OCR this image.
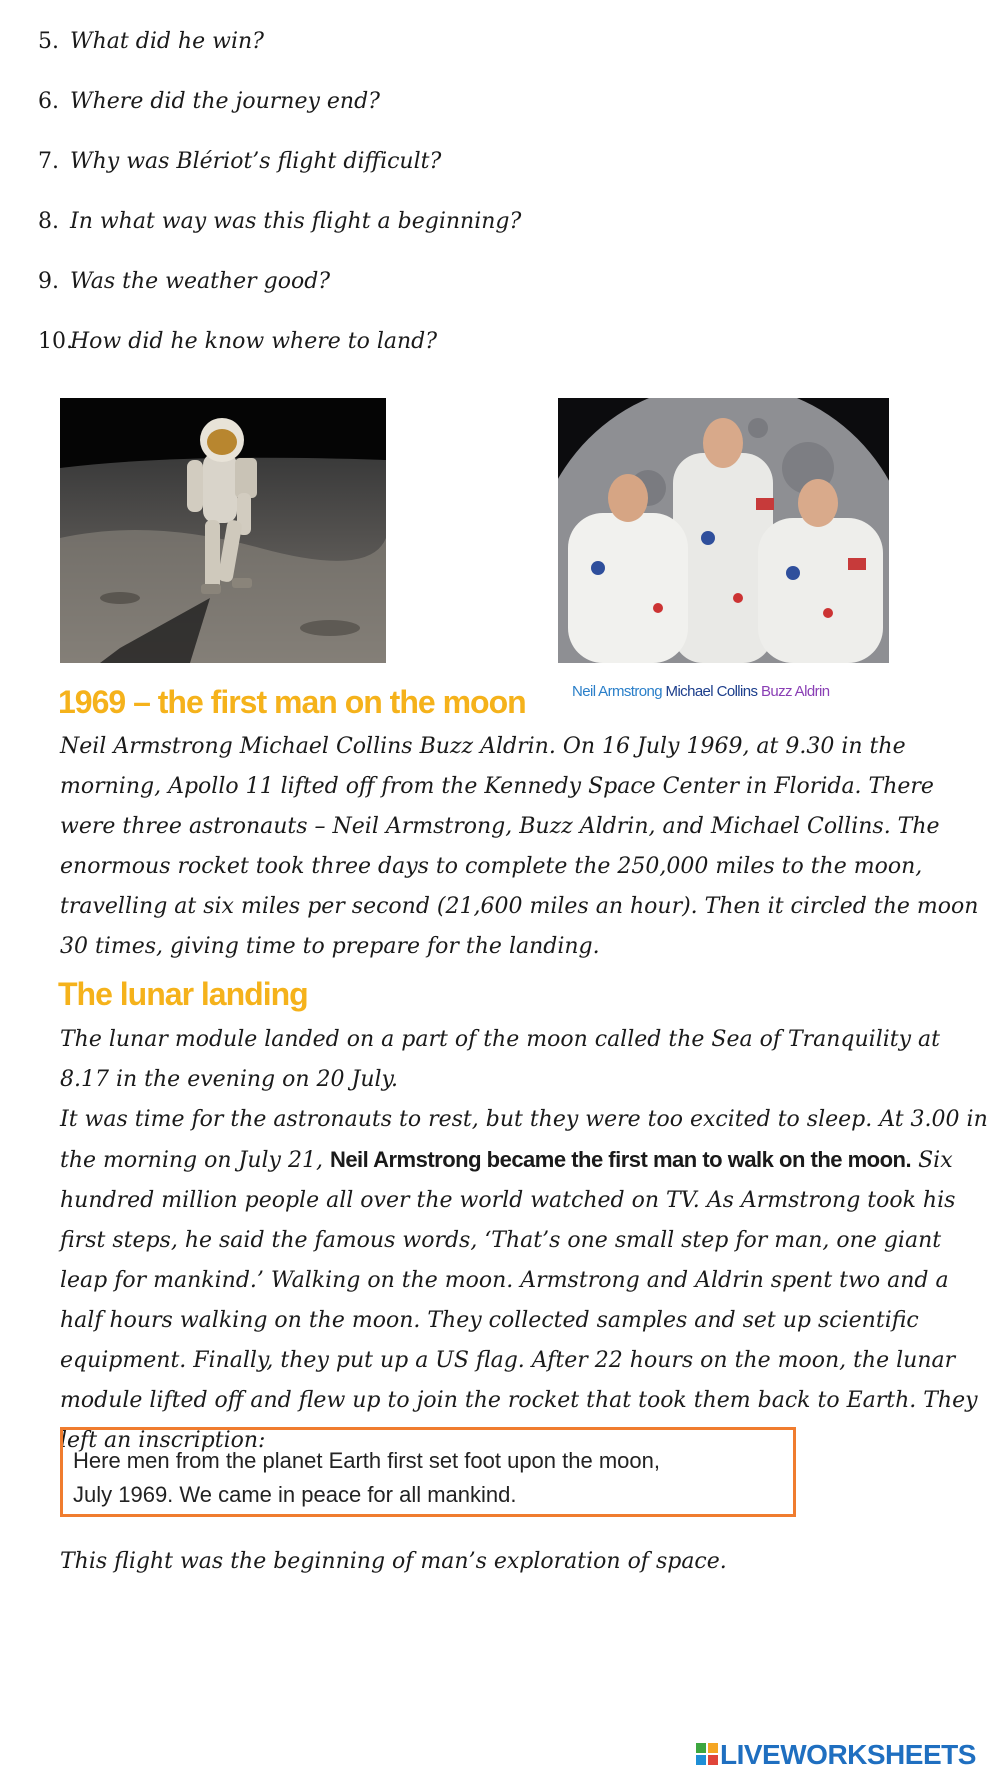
5. What did he win?
6. Where did the journey end?
7. Why was Blériot’s flight difficult?
8. In what way was this flight a beginning?
9. Was the weather good?
10.How did he know where to land?
Neil Armstrong Michael Collins Buzz Aldrin
1969 – the first man on the moon

Neil Armstrong Michael Collins Buzz Aldrin. On 16 July 1969, at 9.30 in the morning, Apollo 11 lifted off from the Kennedy Space Center in Florida. There were three astronauts – Neil Armstrong, Buzz Aldrin, and Michael Collins. The enormous rocket took three days to complete the 250,000 miles to the moon, travelling at six miles per second (21,600 miles an hour). Then it circled the moon 30 times, giving time to prepare for the landing.

The lunar landing

The lunar module landed on a part of the moon called the Sea of Tranquility at 8.17 in the evening on 20 July.

It was time for the astronauts to rest, but they were too excited to sleep. At 3.00 in the morning on July 21, Neil Armstrong became the first man to walk on the moon. Six hundred million people all over the world watched on TV. As Armstrong took his first steps, he said the famous words, ‘That’s one small step for man, one giant leap for mankind.’ Walking on the moon. Armstrong and Aldrin spent two and a half hours walking on the moon. They collected samples and set up scientific equipment. Finally, they put up a US flag. After 22 hours on the moon, the lunar module lifted off and flew up to join the rocket that took them back to Earth. They left an inscription:

Here men from the planet Earth first set foot upon the moon,
July 1969. We came in peace for all mankind.

This flight was the beginning of man’s exploration of space.

LIVEWORKSHEETS
